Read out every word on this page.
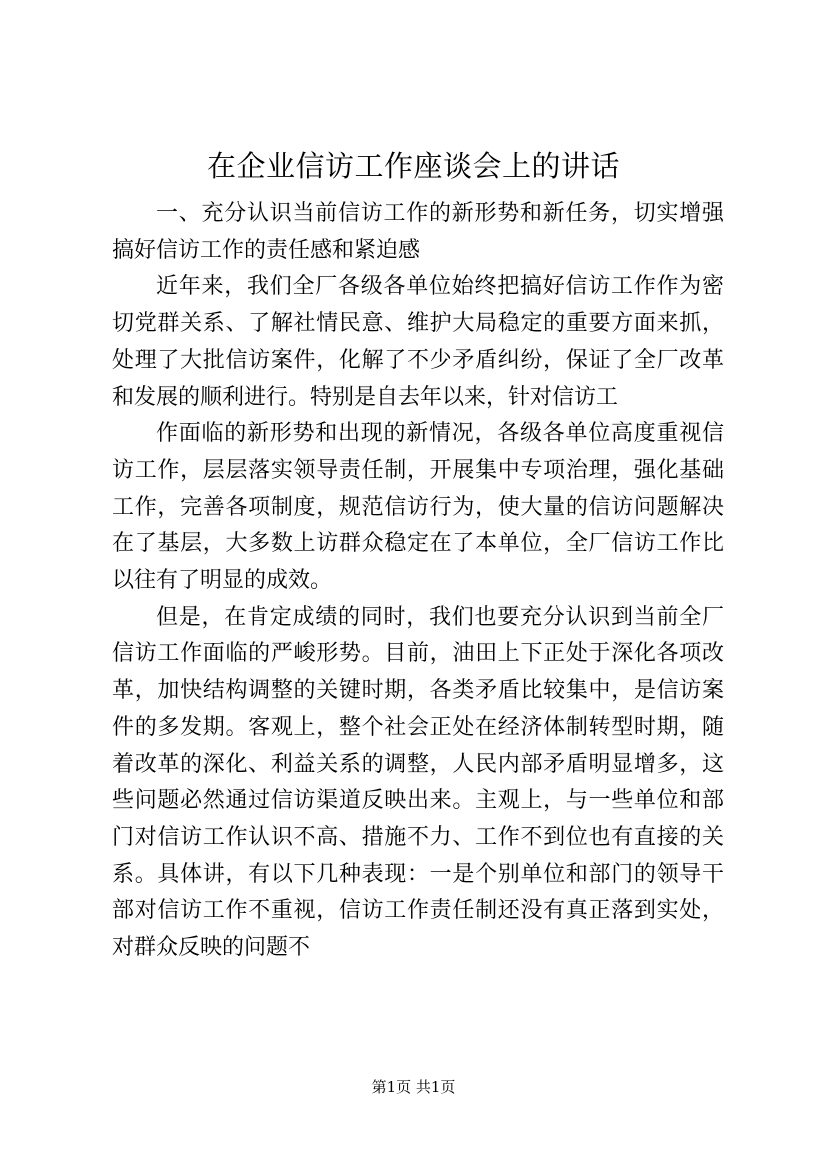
在企业信访工作座谈会上的讲话

一、充分认识当前信访工作的新形势和新任务，切实增强搞好信访工作的责任感和紧迫感

近年来，我们全厂各级各单位始终把搞好信访工作作为密切党群关系、了解社情民意、维护大局稳定的重要方面来抓，处理了大批信访案件，化解了不少矛盾纠纷，保证了全厂改革和发展的顺利进行。特别是自去年以来，针对信访工

作面临的新形势和出现的新情况，各级各单位高度重视信访工作，层层落实领导责任制，开展集中专项治理，强化基础工作，完善各项制度，规范信访行为，使大量的信访问题解决在了基层，大多数上访群众稳定在了本单位，全厂信访工作比以往有了明显的成效。

但是，在肯定成绩的同时，我们也要充分认识到当前全厂信访工作面临的严峻形势。目前，油田上下正处于深化各项改革，加快结构调整的关键时期，各类矛盾比较集中，是信访案件的多发期。客观上，整个社会正处在经济体制转型时期，随着改革的深化、利益关系的调整，人民内部矛盾明显增多，这些问题必然通过信访渠道反映出来。主观上，与一些单位和部门对信访工作认识不高、措施不力、工作不到位也有直接的关系。具体讲，有以下几种表现：一是个别单位和部门的领导干部对信访工作不重视，信访工作责任制还没有真正落到实处，对群众反映的问题不

第1页 共1页
